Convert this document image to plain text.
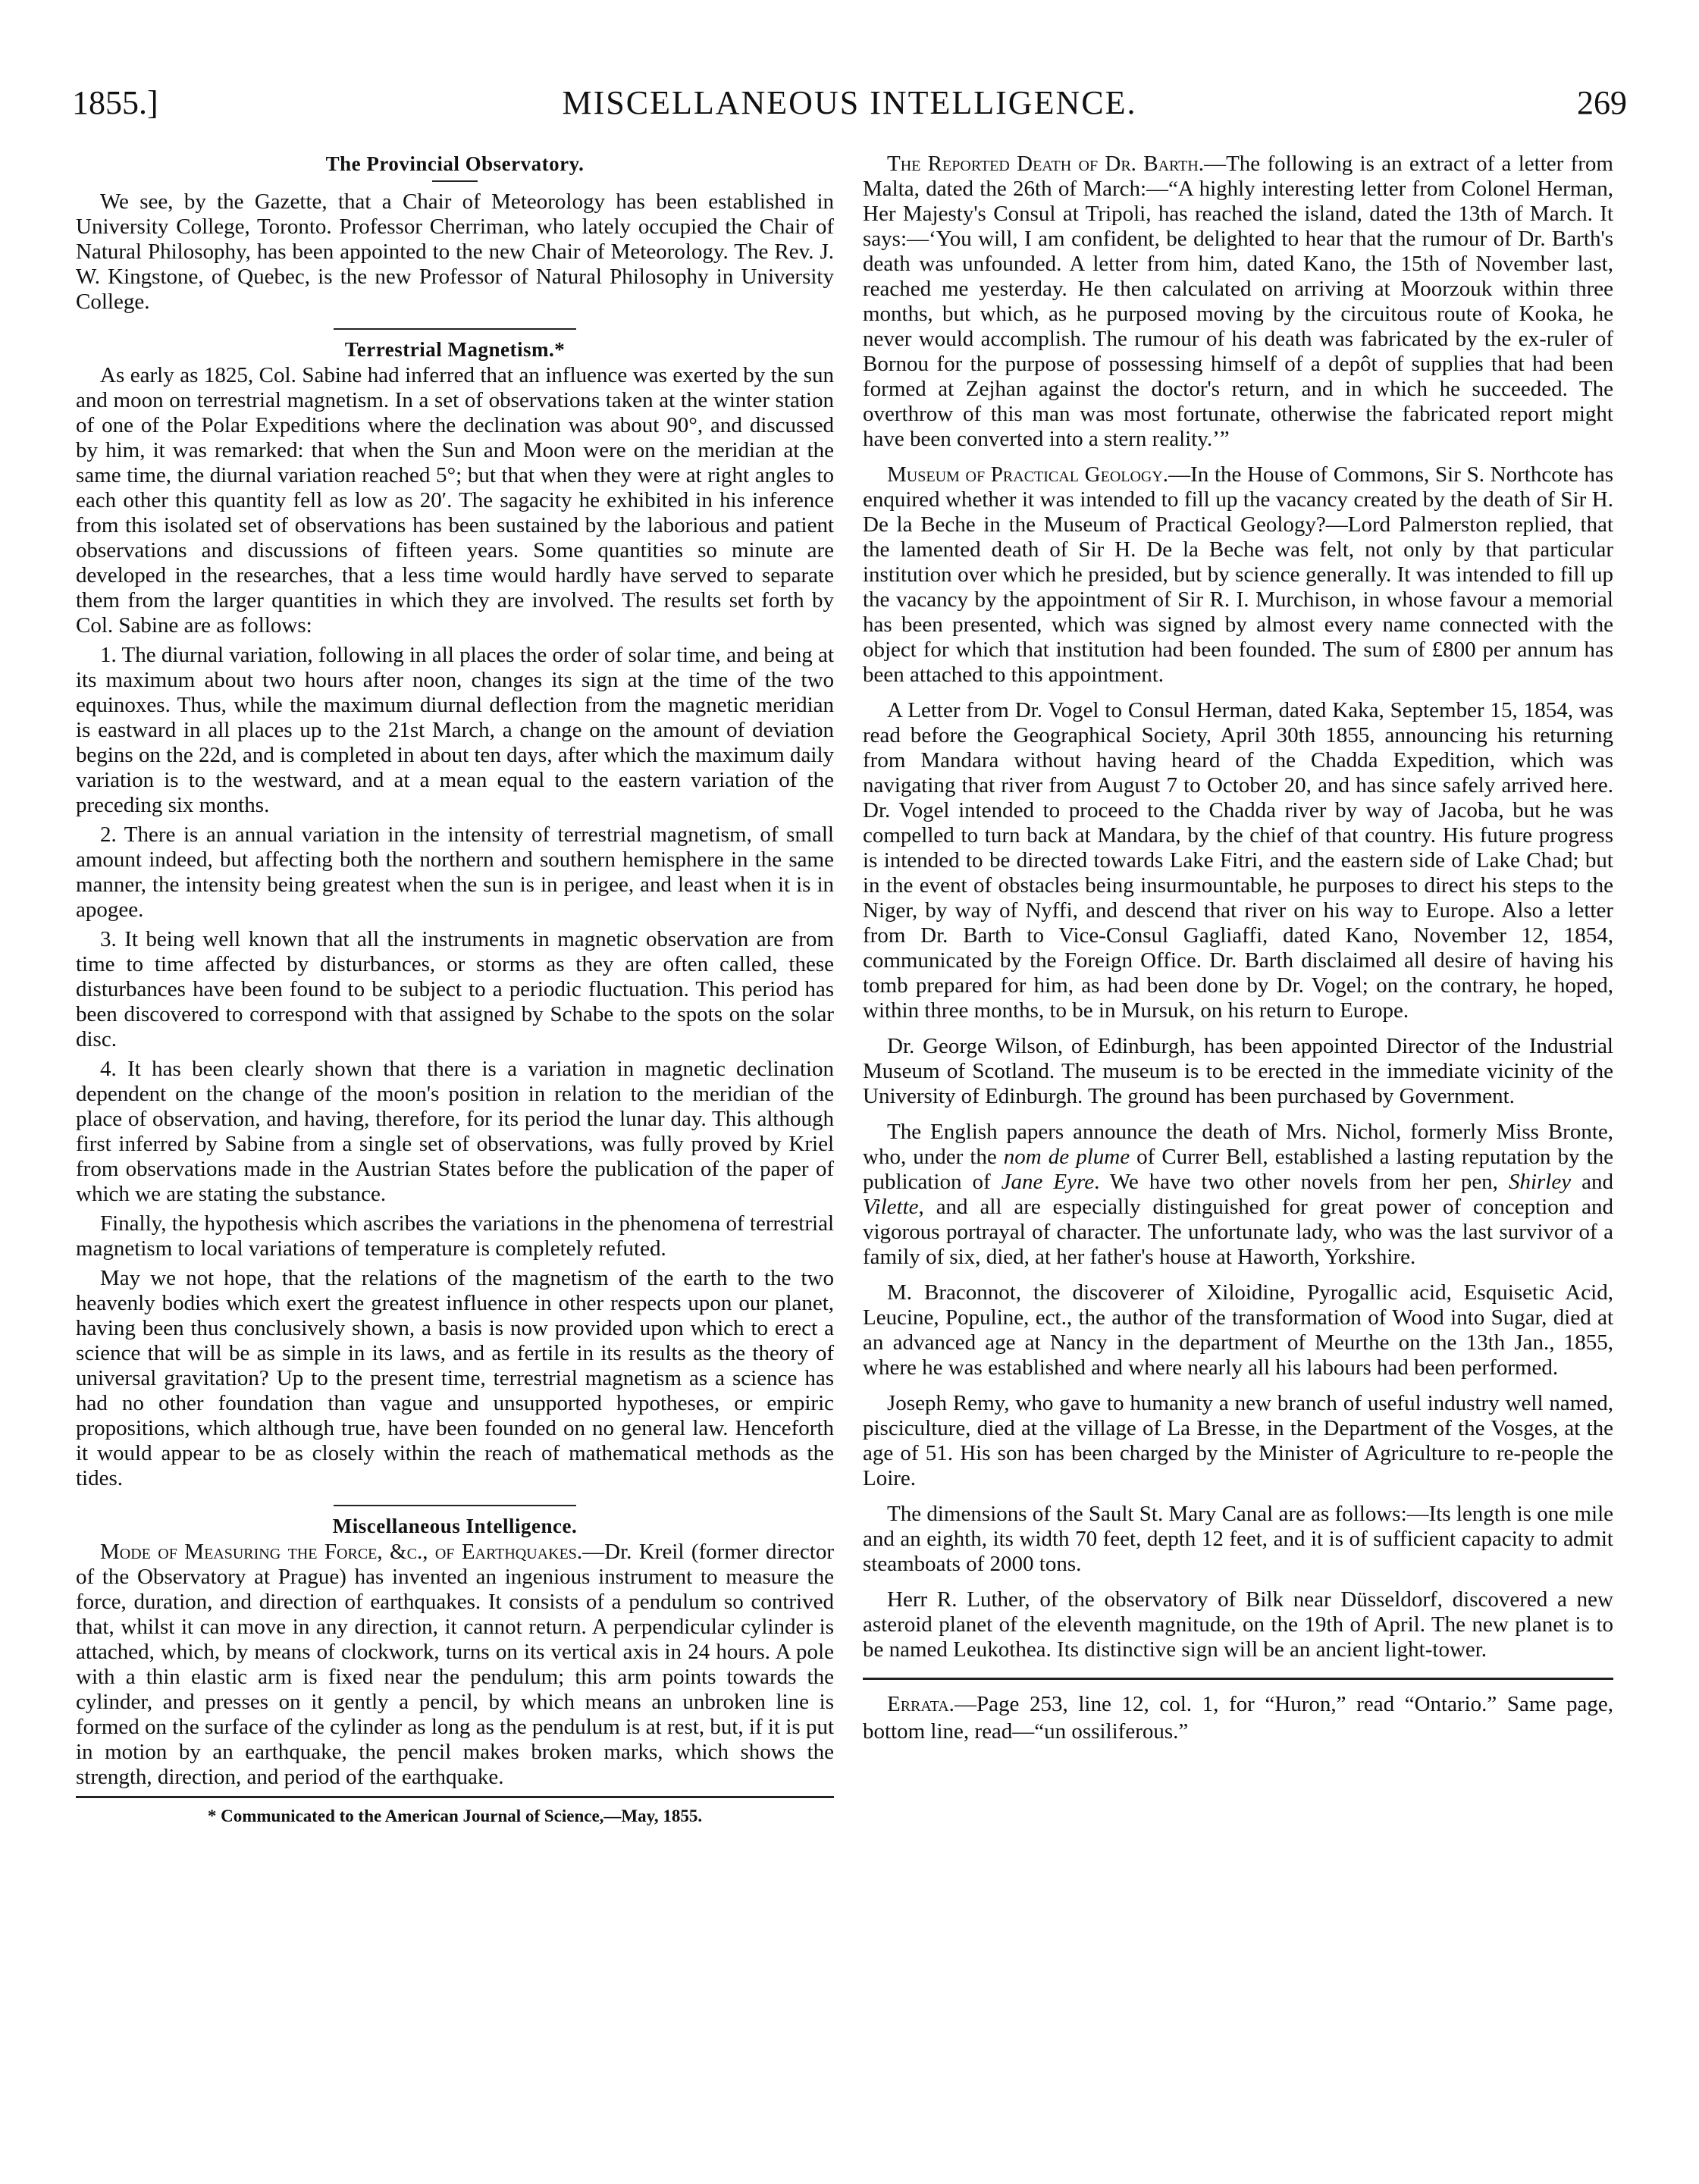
1855.]	MISCELLANEOUS INTELLIGENCE.	269
The Provincial Observatory.

We see, by the Gazette, that a Chair of Meteorology has been established in University College, Toronto. Professor Cherriman, who lately occupied the Chair of Natural Philosophy, has been appointed to the new Chair of Meteorology. The Rev. J. W. Kingstone, of Quebec, is the new Professor of Natural Philosophy in University College.

Terrestrial Magnetism.*

As early as 1825, Col. Sabine had inferred that an influence was exerted by the sun and moon on terrestrial magnetism. In a set of observations taken at the winter station of one of the Polar Expeditions where the declination was about 90°, and discussed by him, it was remarked: that when the Sun and Moon were on the meridian at the same time, the diurnal variation reached 5°; but that when they were at right angles to each other this quantity fell as low as 20′. The sagacity he exhibited in his inference from this isolated set of observations has been sustained by the laborious and patient observations and discussions of fifteen years. Some quantities so minute are developed in the researches, that a less time would hardly have served to separate them from the larger quantities in which they are involved. The results set forth by Col. Sabine are as follows:

1. The diurnal variation, following in all places the order of solar time, and being at its maximum about two hours after noon, changes its sign at the time of the two equinoxes. Thus, while the maximum diurnal deflection from the magnetic meridian is eastward in all places up to the 21st March, a change on the amount of deviation begins on the 22d, and is completed in about ten days, after which the maximum daily variation is to the westward, and at a mean equal to the eastern variation of the preceding six months.

2. There is an annual variation in the intensity of terrestrial magnetism, of small amount indeed, but affecting both the northern and southern hemisphere in the same manner, the intensity being greatest when the sun is in perigee, and least when it is in apogee.

3. It being well known that all the instruments in magnetic observation are from time to time affected by disturbances, or storms as they are often called, these disturbances have been found to be subject to a periodic fluctuation. This period has been discovered to correspond with that assigned by Schabe to the spots on the solar disc.

4. It has been clearly shown that there is a variation in magnetic declination dependent on the change of the moon's position in relation to the meridian of the place of observation, and having, therefore, for its period the lunar day. This although first inferred by Sabine from a single set of observations, was fully proved by Kriel from observations made in the Austrian States before the publication of the paper of which we are stating the substance.

Finally, the hypothesis which ascribes the variations in the phenomena of terrestrial magnetism to local variations of temperature is completely refuted.

May we not hope, that the relations of the magnetism of the earth to the two heavenly bodies which exert the greatest influence in other respects upon our planet, having been thus conclusively shown, a basis is now provided upon which to erect a science that will be as simple in its laws, and as fertile in its results as the theory of universal gravitation? Up to the present time, terrestrial magnetism as a science has had no other foundation than vague and unsupported hypotheses, or empiric propositions, which although true, have been founded on no general law. Henceforth it would appear to be as closely within the reach of mathematical methods as the tides.

Miscellaneous Intelligence.

Mode of Measuring the Force, &c., of Earthquakes.—Dr. Kreil (former director of the Observatory at Prague) has invented an ingenious instrument to measure the force, duration, and direction of earthquakes. It consists of a pendulum so contrived that, whilst it can move in any direction, it cannot return. A perpendicular cylinder is attached, which, by means of clockwork, turns on its vertical axis in 24 hours. A pole with a thin elastic arm is fixed near the pendulum; this arm points towards the cylinder, and presses on it gently a pencil, by which means an unbroken line is formed on the surface of the cylinder as long as the pendulum is at rest, but, if it is put in motion by an earthquake, the pencil makes broken marks, which shows the strength, direction, and period of the earthquake.

* Communicated to the American Journal of Science,—May, 1855.

The Reported Death of Dr. Barth.—The following is an extract of a letter from Malta, dated the 26th of March:—“A highly interesting letter from Colonel Herman, Her Majesty's Consul at Tripoli, has reached the island, dated the 13th of March. It says:—‘You will, I am confident, be delighted to hear that the rumour of Dr. Barth's death was unfounded. A letter from him, dated Kano, the 15th of November last, reached me yesterday. He then calculated on arriving at Moorzouk within three months, but which, as he purposed moving by the circuitous route of Kooka, he never would accomplish. The rumour of his death was fabricated by the ex-ruler of Bornou for the purpose of possessing himself of a depôt of supplies that had been formed at Zejhan against the doctor's return, and in which he succeeded. The overthrow of this man was most fortunate, otherwise the fabricated report might have been converted into a stern reality.’”

Museum of Practical Geology.—In the House of Commons, Sir S. Northcote has enquired whether it was intended to fill up the vacancy created by the death of Sir H. De la Beche in the Museum of Practical Geology?—Lord Palmerston replied, that the lamented death of Sir H. De la Beche was felt, not only by that particular institution over which he presided, but by science generally. It was intended to fill up the vacancy by the appointment of Sir R. I. Murchison, in whose favour a memorial has been presented, which was signed by almost every name connected with the object for which that institution had been founded. The sum of £800 per annum has been attached to this appointment.

A Letter from Dr. Vogel to Consul Herman, dated Kaka, September 15, 1854, was read before the Geographical Society, April 30th 1855, announcing his returning from Mandara without having heard of the Chadda Expedition, which was navigating that river from August 7 to October 20, and has since safely arrived here. Dr. Vogel intended to proceed to the Chadda river by way of Jacoba, but he was compelled to turn back at Mandara, by the chief of that country. His future progress is intended to be directed towards Lake Fitri, and the eastern side of Lake Chad; but in the event of obstacles being insurmountable, he purposes to direct his steps to the Niger, by way of Nyffi, and descend that river on his way to Europe. Also a letter from Dr. Barth to Vice-Consul Gagliaffi, dated Kano, November 12, 1854, communicated by the Foreign Office. Dr. Barth disclaimed all desire of having his tomb prepared for him, as had been done by Dr. Vogel; on the contrary, he hoped, within three months, to be in Mursuk, on his return to Europe.

Dr. George Wilson, of Edinburgh, has been appointed Director of the Industrial Museum of Scotland. The museum is to be erected in the immediate vicinity of the University of Edinburgh. The ground has been purchased by Government.

The English papers announce the death of Mrs. Nichol, formerly Miss Bronte, who, under the nom de plume of Currer Bell, established a lasting reputation by the publication of Jane Eyre. We have two other novels from her pen, Shirley and Vilette, and all are especially distinguished for great power of conception and vigorous portrayal of character. The unfortunate lady, who was the last survivor of a family of six, died, at her father's house at Haworth, Yorkshire.

M. Braconnot, the discoverer of Xiloidine, Pyrogallic acid, Esquisetic Acid, Leucine, Populine, ect., the author of the transformation of Wood into Sugar, died at an advanced age at Nancy in the department of Meurthe on the 13th Jan., 1855, where he was established and where nearly all his labours had been performed.

Joseph Remy, who gave to humanity a new branch of useful industry well named, pisciculture, died at the village of La Bresse, in the Department of the Vosges, at the age of 51. His son has been charged by the Minister of Agriculture to re-people the Loire.

The dimensions of the Sault St. Mary Canal are as follows:—Its length is one mile and an eighth, its width 70 feet, depth 12 feet, and it is of sufficient capacity to admit steamboats of 2000 tons.

Herr R. Luther, of the observatory of Bilk near Düsseldorf, discovered a new asteroid planet of the eleventh magnitude, on the 19th of April. The new planet is to be named Leukothea. Its distinctive sign will be an ancient light-tower.

Errata.—Page 253, line 12, col. 1, for “Huron,” read “Ontario.” Same page, bottom line, read—“un ossiliferous.”
